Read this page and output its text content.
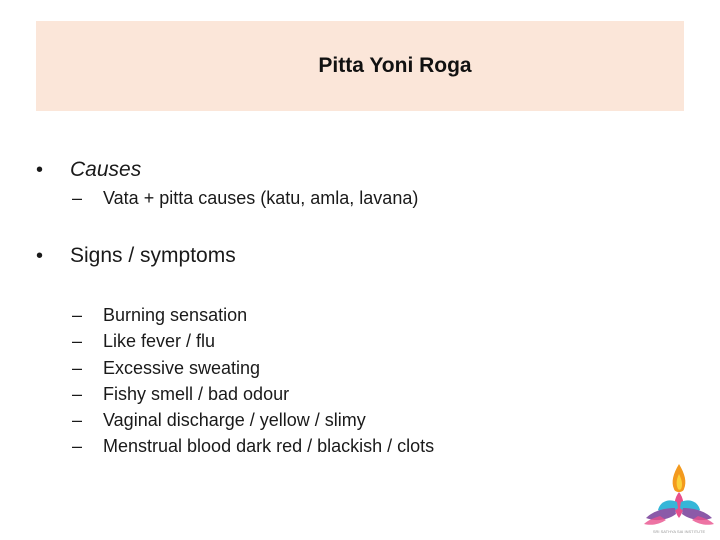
Pitta Yoni Roga
•	Causes
–	Vata + pitta causes (katu, amla, lavana)
•	Signs / symptoms
–	Burning sensation
–	Like fever / flu
–	Excessive sweating
–	Fishy smell / bad odour
–	Vaginal discharge / yellow / slimy
–	Menstrual blood dark red / blackish / clots
SRI SATHYA SAI INSTITUTE
